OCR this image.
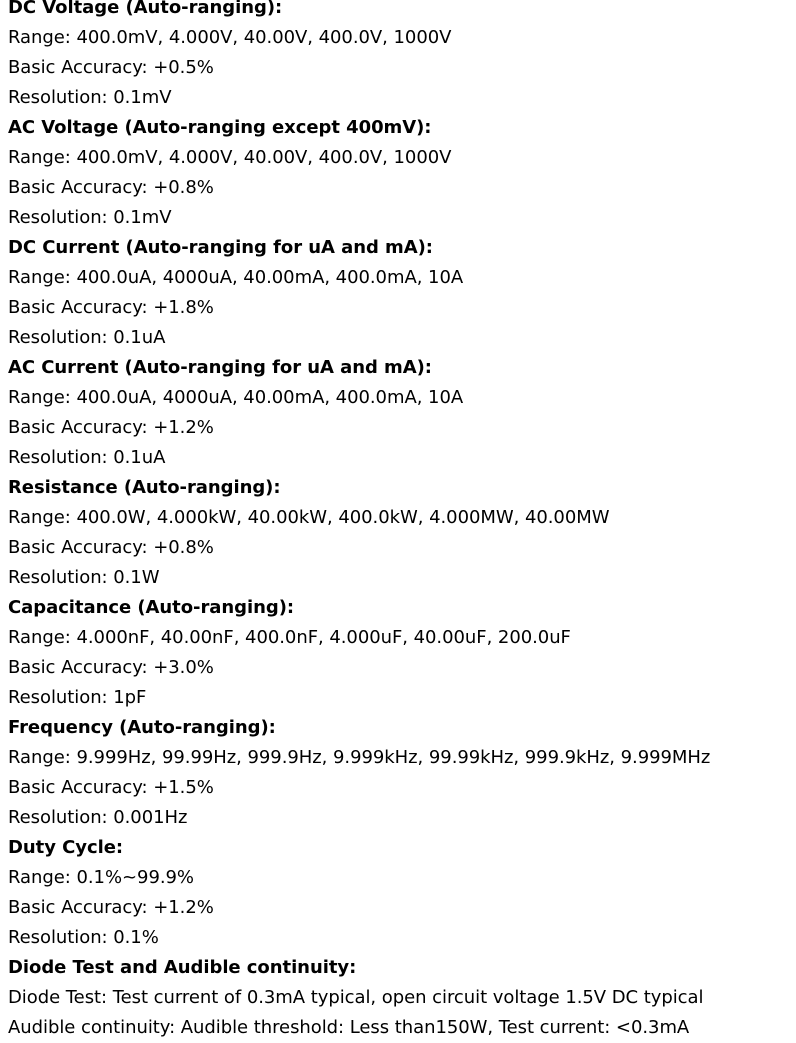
DC Voltage (Auto-ranging):
Range: 400.0mV, 4.000V, 40.00V, 400.0V, 1000V
Basic Accuracy: +0.5%
Resolution: 0.1mV
AC Voltage (Auto-ranging except 400mV):
Range: 400.0mV, 4.000V, 40.00V, 400.0V, 1000V
Basic Accuracy: +0.8%
Resolution: 0.1mV
DC Current (Auto-ranging for uA and mA):
Range: 400.0uA, 4000uA, 40.00mA, 400.0mA, 10A
Basic Accuracy: +1.8%
Resolution: 0.1uA
AC Current (Auto-ranging for uA and mA):
Range: 400.0uA, 4000uA, 40.00mA, 400.0mA, 10A
Basic Accuracy: +1.2%
Resolution: 0.1uA
Resistance (Auto-ranging):
Range: 400.0W, 4.000kW, 40.00kW, 400.0kW, 4.000MW, 40.00MW
Basic Accuracy: +0.8%
Resolution: 0.1W
Capacitance (Auto-ranging):
Range: 4.000nF, 40.00nF, 400.0nF, 4.000uF, 40.00uF, 200.0uF
Basic Accuracy: +3.0%
Resolution: 1pF
Frequency (Auto-ranging):
Range: 9.999Hz, 99.99Hz, 999.9Hz, 9.999kHz, 99.99kHz, 999.9kHz, 9.999MHz
Basic Accuracy: +1.5%
Resolution: 0.001Hz
Duty Cycle:
Range: 0.1%~99.9%
Basic Accuracy: +1.2%
Resolution: 0.1%
Diode Test and Audible continuity:
Diode Test: Test current of 0.3mA typical, open circuit voltage 1.5V DC typical
Audible continuity: Audible threshold: Less than150W, Test current: <0.3mA
